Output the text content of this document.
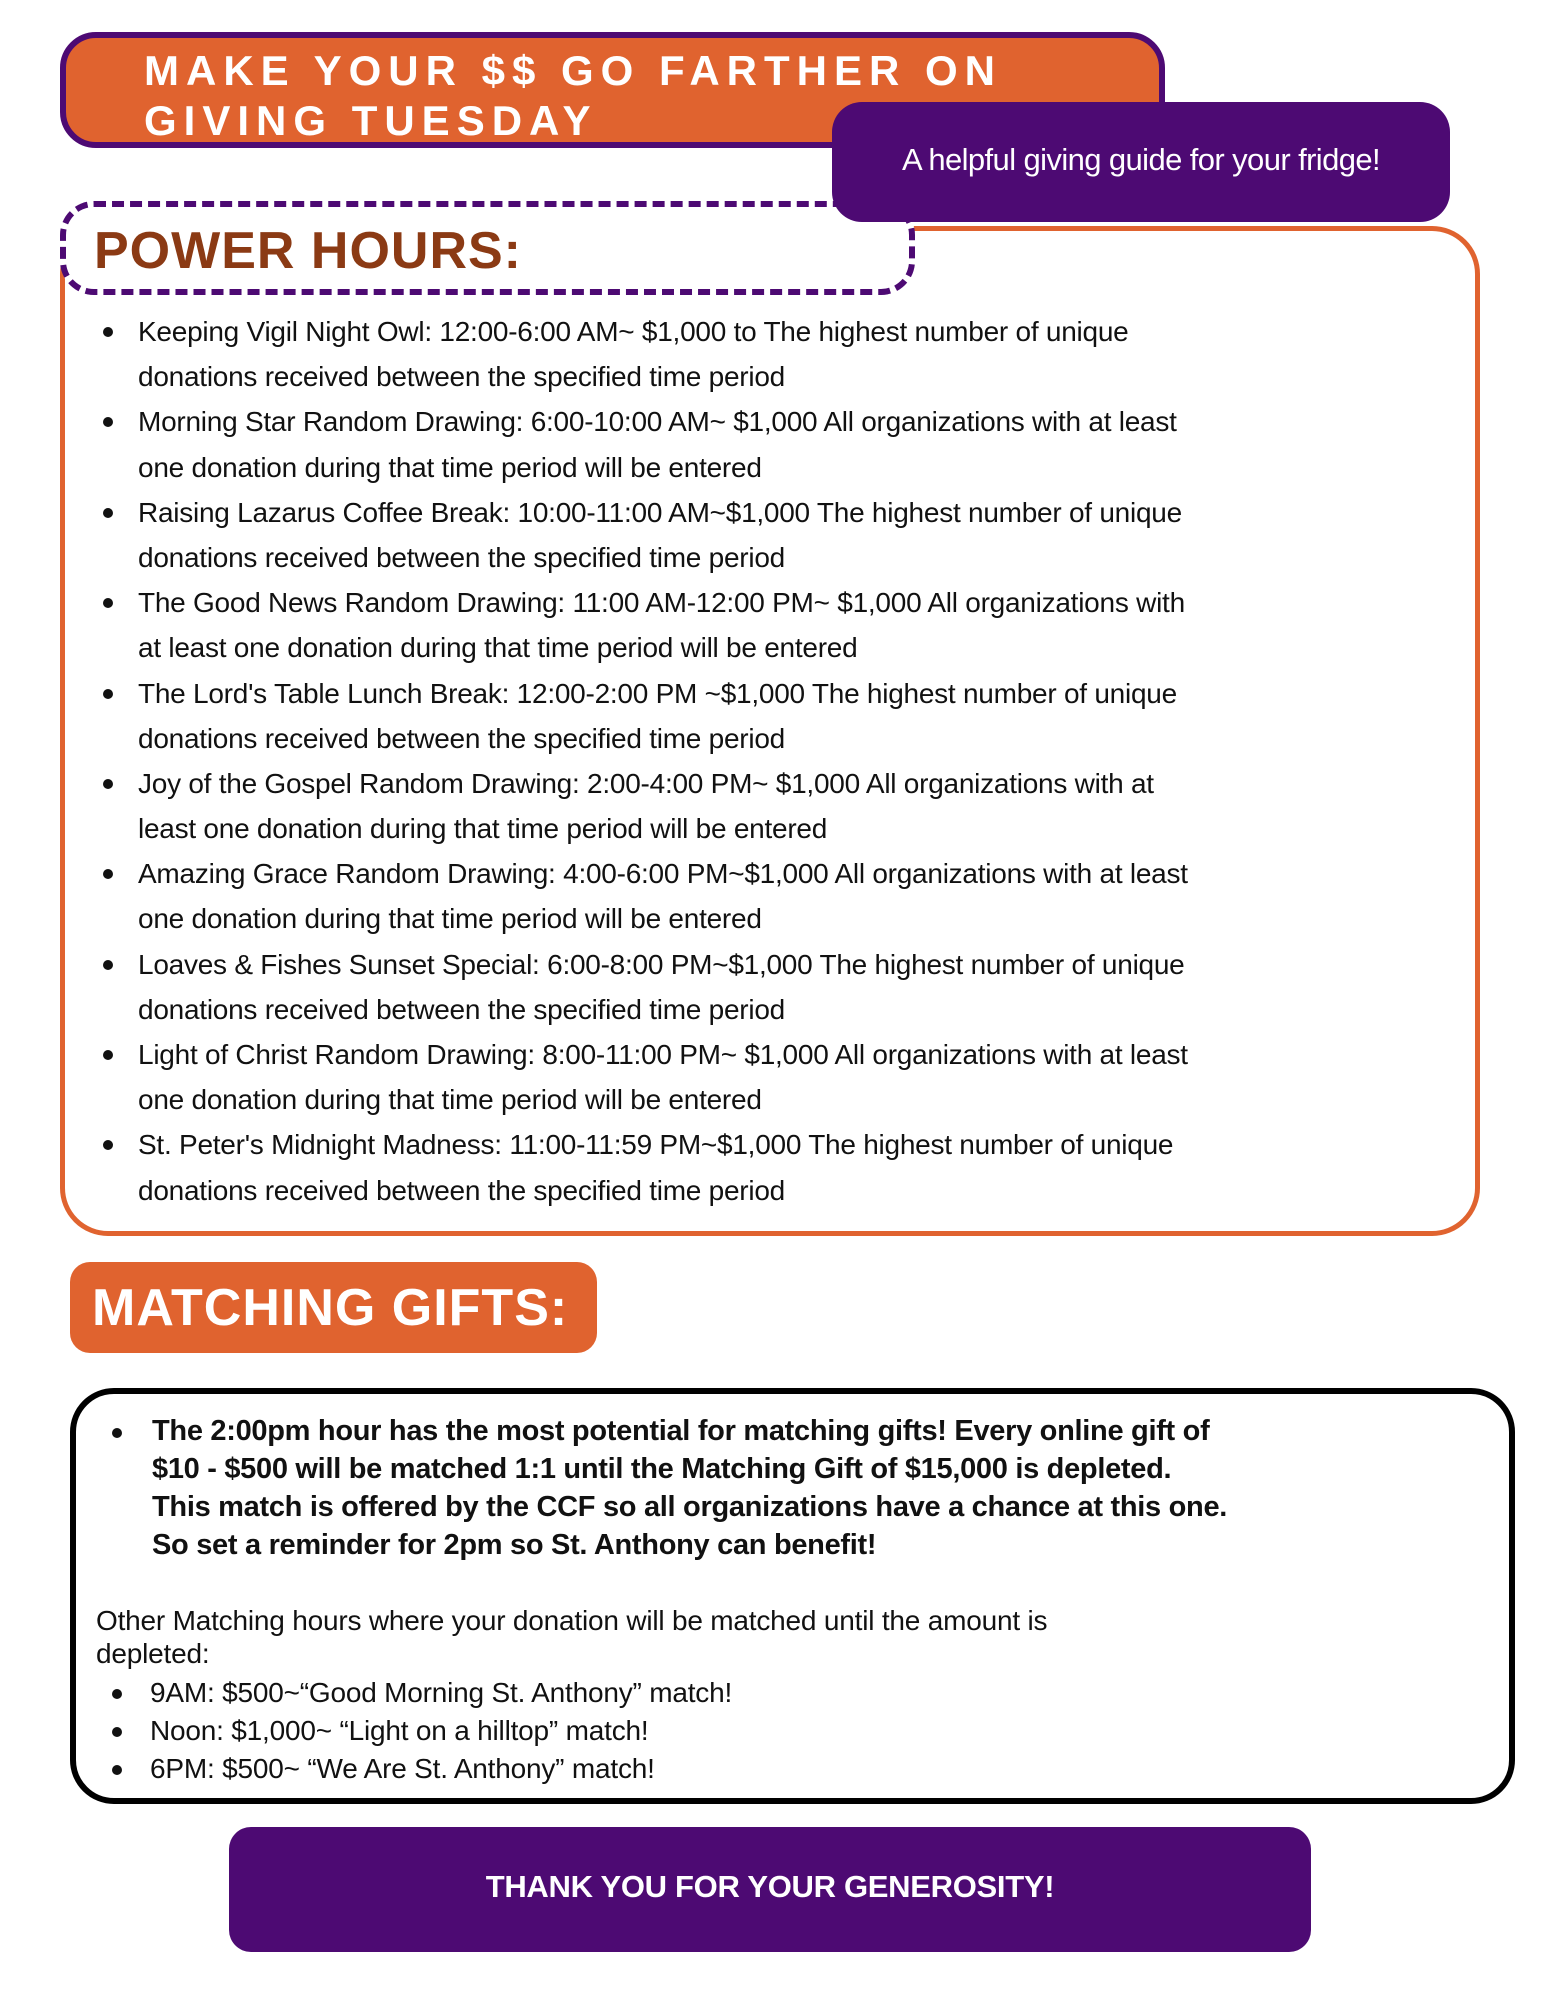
MAKE YOUR $$ GO FARTHER ON
GIVING TUESDAY
A helpful giving guide for your fridge!
POWER HOURS:
Keeping Vigil Night Owl: 12:00-6:00 AM~ $1,000 to The highest number of unique
donations received between the specified time period
Morning Star Random Drawing: 6:00-10:00 AM~ $1,000 All organizations with at least
one donation during that time period will be entered
Raising Lazarus Coffee Break: 10:00-11:00 AM~$1,000 The highest number of unique
donations received between the specified time period
The Good News Random Drawing: 11:00 AM-12:00 PM~ $1,000 All organizations with
at least one donation during that time period will be entered
The Lord's Table Lunch Break: 12:00-2:00 PM ~$1,000 The highest number of unique
donations received between the specified time period
Joy of the Gospel Random Drawing: 2:00-4:00 PM~ $1,000 All organizations with at
least one donation during that time period will be entered
Amazing Grace Random Drawing: 4:00-6:00 PM~$1,000 All organizations with at least
one donation during that time period will be entered
Loaves & Fishes Sunset Special: 6:00-8:00 PM~$1,000 The highest number of unique
donations received between the specified time period
Light of Christ Random Drawing: 8:00-11:00 PM~ $1,000 All organizations with at least
one donation during that time period will be entered
St. Peter's Midnight Madness: 11:00-11:59 PM~$1,000 The highest number of unique
donations received between the specified time period
MATCHING GIFTS:
The 2:00pm hour has the most potential for matching gifts! Every online gift of
$10 - $500 will be matched 1:1 until the Matching Gift of $15,000 is depleted.
This match is offered by the CCF so all organizations have a chance at this one.
So set a reminder for 2pm so St. Anthony can benefit!
Other Matching hours where your donation will be matched until the amount is
depleted:
9AM: $500~“Good Morning St. Anthony” match!
Noon: $1,000~ “Light on a hilltop” match!
6PM: $500~ “We Are St. Anthony” match!
THANK YOU FOR YOUR GENEROSITY!
